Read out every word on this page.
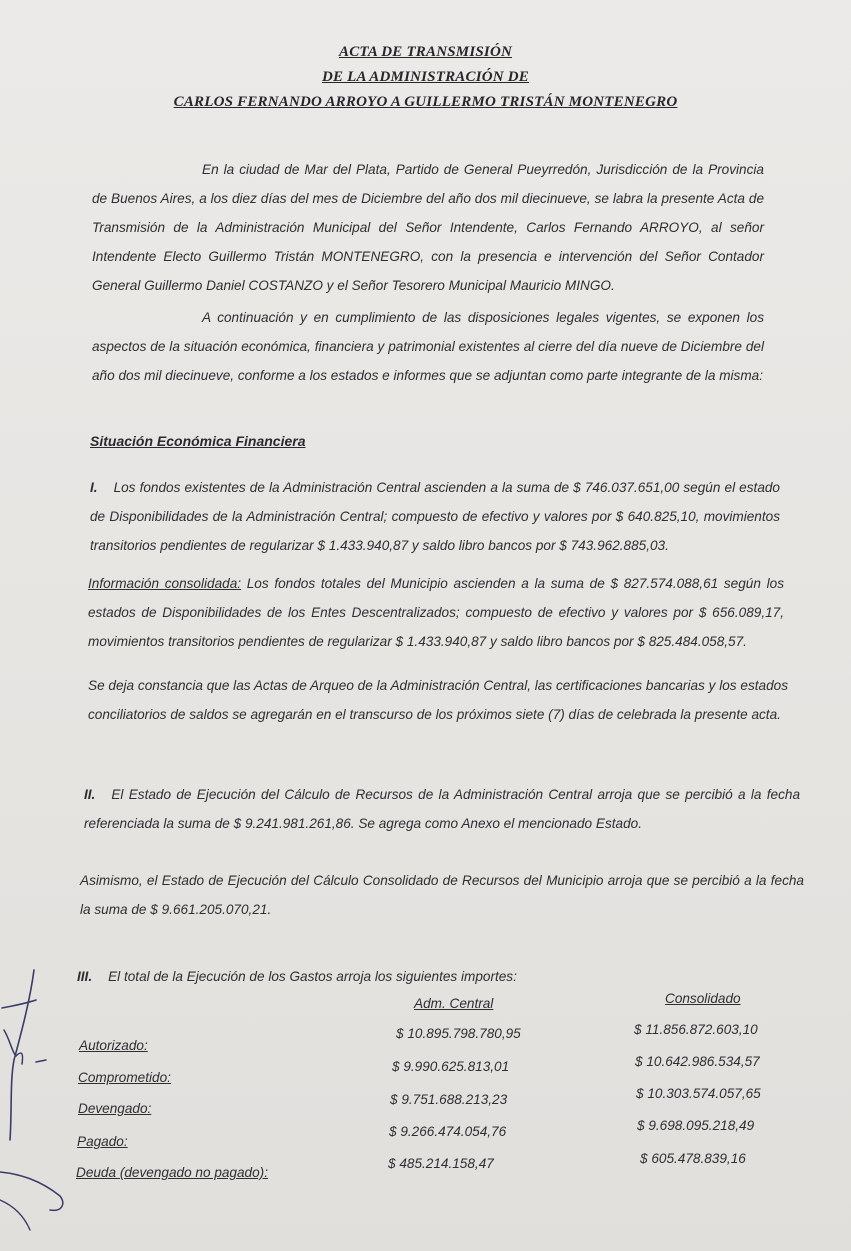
ACTA DE TRANSMISIÓN
DE LA ADMINISTRACIÓN DE
CARLOS FERNANDO ARROYO A GUILLERMO TRISTÁN MONTENEGRO

En la ciudad de Mar del Plata, Partido de General Pueyrredón, Jurisdicción de la Provincia de Buenos Aires, a los diez días del mes de Diciembre del año dos mil diecinueve, se labra la presente Acta de Transmisión de la Administración Municipal del Señor Intendente, Carlos Fernando ARROYO, al señor Intendente Electo Guillermo Tristán MONTENEGRO, con la presencia e intervención del Señor Contador General Guillermo Daniel COSTANZO y el Señor Tesorero Municipal Mauricio MINGO.

A continuación y en cumplimiento de las disposiciones legales vigentes, se exponen los aspectos de la situación económica, financiera y patrimonial existentes al cierre del día nueve de Diciembre del año dos mil diecinueve, conforme a los estados e informes que se adjuntan como parte integrante de la misma:

Situación Económica Financiera

I. Los fondos existentes de la Administración Central ascienden a la suma de $ 746.037.651,00 según el estado de Disponibilidades de la Administración Central; compuesto de efectivo y valores por $ 640.825,10, movimientos transitorios pendientes de regularizar $ 1.433.940,87 y saldo libro bancos por $ 743.962.885,03.

Información consolidada: Los fondos totales del Municipio ascienden a la suma de $ 827.574.088,61 según los estados de Disponibilidades de los Entes Descentralizados; compuesto de efectivo y valores por $ 656.089,17, movimientos transitorios pendientes de regularizar $ 1.433.940,87 y saldo libro bancos por $ 825.484.058,57.

Se deja constancia que las Actas de Arqueo de la Administración Central, las certificaciones bancarias y los estados conciliatorios de saldos se agregarán en el transcurso de los próximos siete (7) días de celebrada la presente acta.

II. El Estado de Ejecución del Cálculo de Recursos de la Administración Central arroja que se percibió a la fecha referenciada la suma de $ 9.241.981.261,86. Se agrega como Anexo el mencionado Estado.

Asimismo, el Estado de Ejecución del Cálculo Consolidado de Recursos del Municipio arroja que se percibió a la fecha la suma de $ 9.661.205.070,21.

III. El total de la Ejecución de los Gastos arroja los siguientes importes:

Adm. Central	Consolidado
Autorizado:
$ 10.895.798.780,95	$ 11.856.872.603,10
Comprometido:
$ 9.990.625.813,01	$ 10.642.986.534,57
Devengado:
$ 9.751.688.213,23	$ 10.303.574.057,65
Pagado:
$ 9.266.474.054,76	$ 9.698.095.218,49
Deuda (devengado no pagado):
$ 485.214.158,47	$ 605.478.839,16
